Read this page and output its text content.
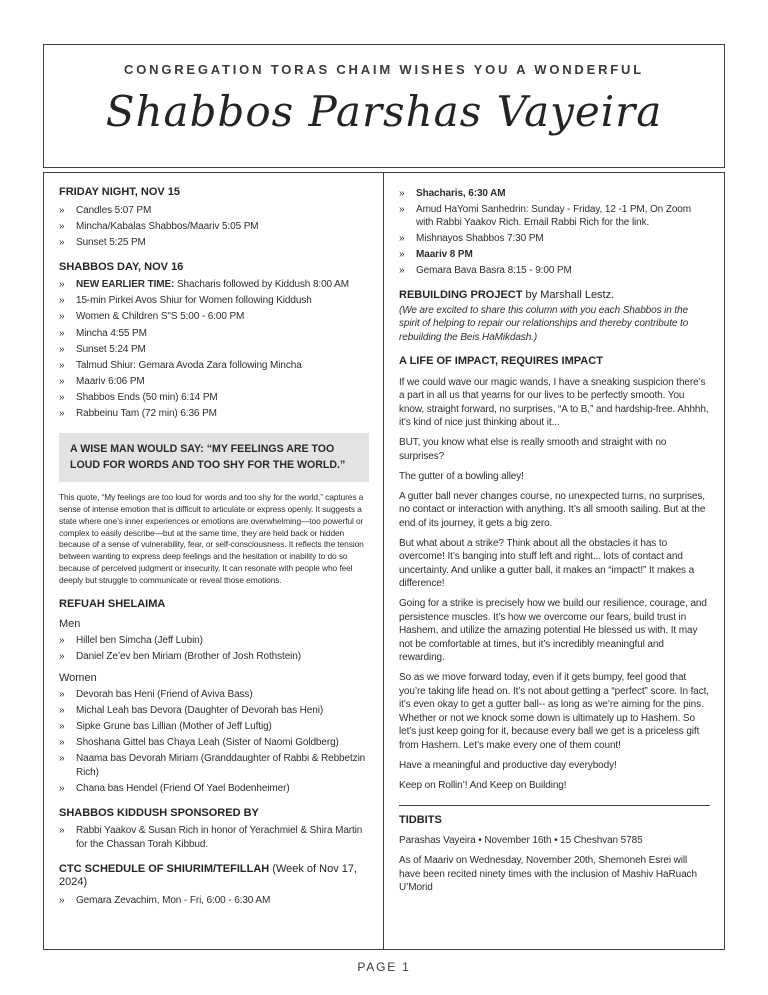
CONGREGATION TORAS CHAIM WISHES YOU A WONDERFUL
Shabbos Parshas Vayeira
FRIDAY NIGHT, NOV 15
»	Candles 5:07 PM
»	Mincha/Kabalas Shabbos/Maariv 5:05 PM
»	Sunset 5:25 PM
SHABBOS DAY, NOV 16
»	NEW EARLIER TIME: Shacharis followed by Kiddush 8:00 AM
»	15-min Pirkei Avos Shiur for Women following Kiddush
»	Women & Children S"S 5:00 - 6:00 PM
»	Mincha 4:55 PM
»	Sunset 5:24 PM
»	Talmud Shiur: Gemara Avoda Zara following Mincha
»	Maariv 6:06 PM
»	Shabbos Ends (50 min) 6:14 PM
»	Rabbeinu Tam (72 min) 6:36 PM
A WISE MAN WOULD SAY: “MY FEELINGS ARE TOO LOUD FOR WORDS AND TOO SHY FOR THE WORLD.”
This quote, “My feelings are too loud for words and too shy for the world,” captures a sense of intense emotion that is difficult to articulate or express openly. It suggests a state where one’s inner experiences or emotions are overwhelming—too powerful or complex to easily describe—but at the same time, they are held back or hidden because of a sense of vulnerability, fear, or self-consciousness. It reflects the tension between wanting to express deep feelings and the hesitation or inability to do so because of perceived judgment or insecurity. It can resonate with people who feel deeply but struggle to communicate or reveal those emotions.
REFUAH SHELAIMA
Men
»	Hillel ben Simcha (Jeff Lubin)
»	Daniel Ze’ev ben Miriam (Brother of Josh Rothstein)
Women
»	Devorah bas Heni (Friend of Aviva Bass)
»	Michal Leah bas Devora (Daughter of Devorah bas Heni)
»	Sipke Grune bas Lillian (Mother of Jeff Luftig)
»	Shoshana Gittel bas Chaya Leah (Sister of Naomi Goldberg)
»	Naama bas Devorah Miriam (Granddaughter of Rabbi & Rebbetzin Rich)
»	Chana bas Hendel (Friend Of Yael Bodenheimer)
SHABBOS KIDDUSH SPONSORED BY
»	Rabbi Yaakov & Susan Rich in honor of Yerachmiel & Shira Martin for the Chassan Torah Kibbud.
CTC SCHEDULE OF SHIURIM/TEFILLAH (Week of Nov 17, 2024)
»	Gemara Zevachim, Mon - Fri, 6:00 - 6:30 AM
»	Shacharis, 6:30 AM
»	Amud HaYomi Sanhedrin: Sunday - Friday, 12 -1 PM, On Zoom with Rabbi Yaakov Rich. Email Rabbi Rich for the link.
»	Mishnayos Shabbos 7:30 PM
»	Maariv 8 PM
»	Gemara Bava Basra 8:15 - 9:00 PM
REBUILDING PROJECT by Marshall Lestz.
(We are excited to share this column with you each Shabbos in the spirit of helping to repair our relationships and thereby contribute to rebuilding the Beis HaMikdash.)
A LIFE OF IMPACT, REQUIRES IMPACT
If we could wave our magic wands, I have a sneaking suspicion there’s a part in all us that yearns for our lives to be perfectly smooth. You know, straight forward, no surprises, “A to B,” and hardship-free. Ahhhh, it’s kind of nice just thinking about it...
BUT, you know what else is really smooth and straight with no surprises?
The gutter of a bowling alley!
A gutter ball never changes course, no unexpected turns, no surprises, no contact or interaction with anything. It’s all smooth sailing. But at the end of its journey, it gets a big zero.
But what about a strike? Think about all the obstacles it has to overcome! It’s banging into stuff left and right... lots of contact and uncertainty. And unlike a gutter ball, it makes an “impact!” It makes a difference!
Going for a strike is precisely how we build our resilience, courage, and persistence muscles. It’s how we overcome our fears, build trust in Hashem, and utilize the amazing potential He blessed us with. It may not be comfortable at times, but it’s incredibly meaningful and rewarding.
So as we move forward today, even if it gets bumpy, feel good that you’re taking life head on. It’s not about getting a “perfect” score. In fact, it’s even okay to get a gutter ball-- as long as we’re aiming for the pins. Whether or not we knock some down is ultimately up to Hashem. So let’s just keep going for it, because every ball we get is a priceless gift from Hashem. Let’s make every one of them count!
Have a meaningful and productive day everybody!
Keep on Rollin’! And Keep on Building!
TIDBITS
Parashas Vayeira • November 16th • 15 Cheshvan 5785
As of Maariv on Wednesday, November 20th, Shemoneh Esrei will have been recited ninety times with the inclusion of Mashiv HaRuach U’Morid
PAGE 1
